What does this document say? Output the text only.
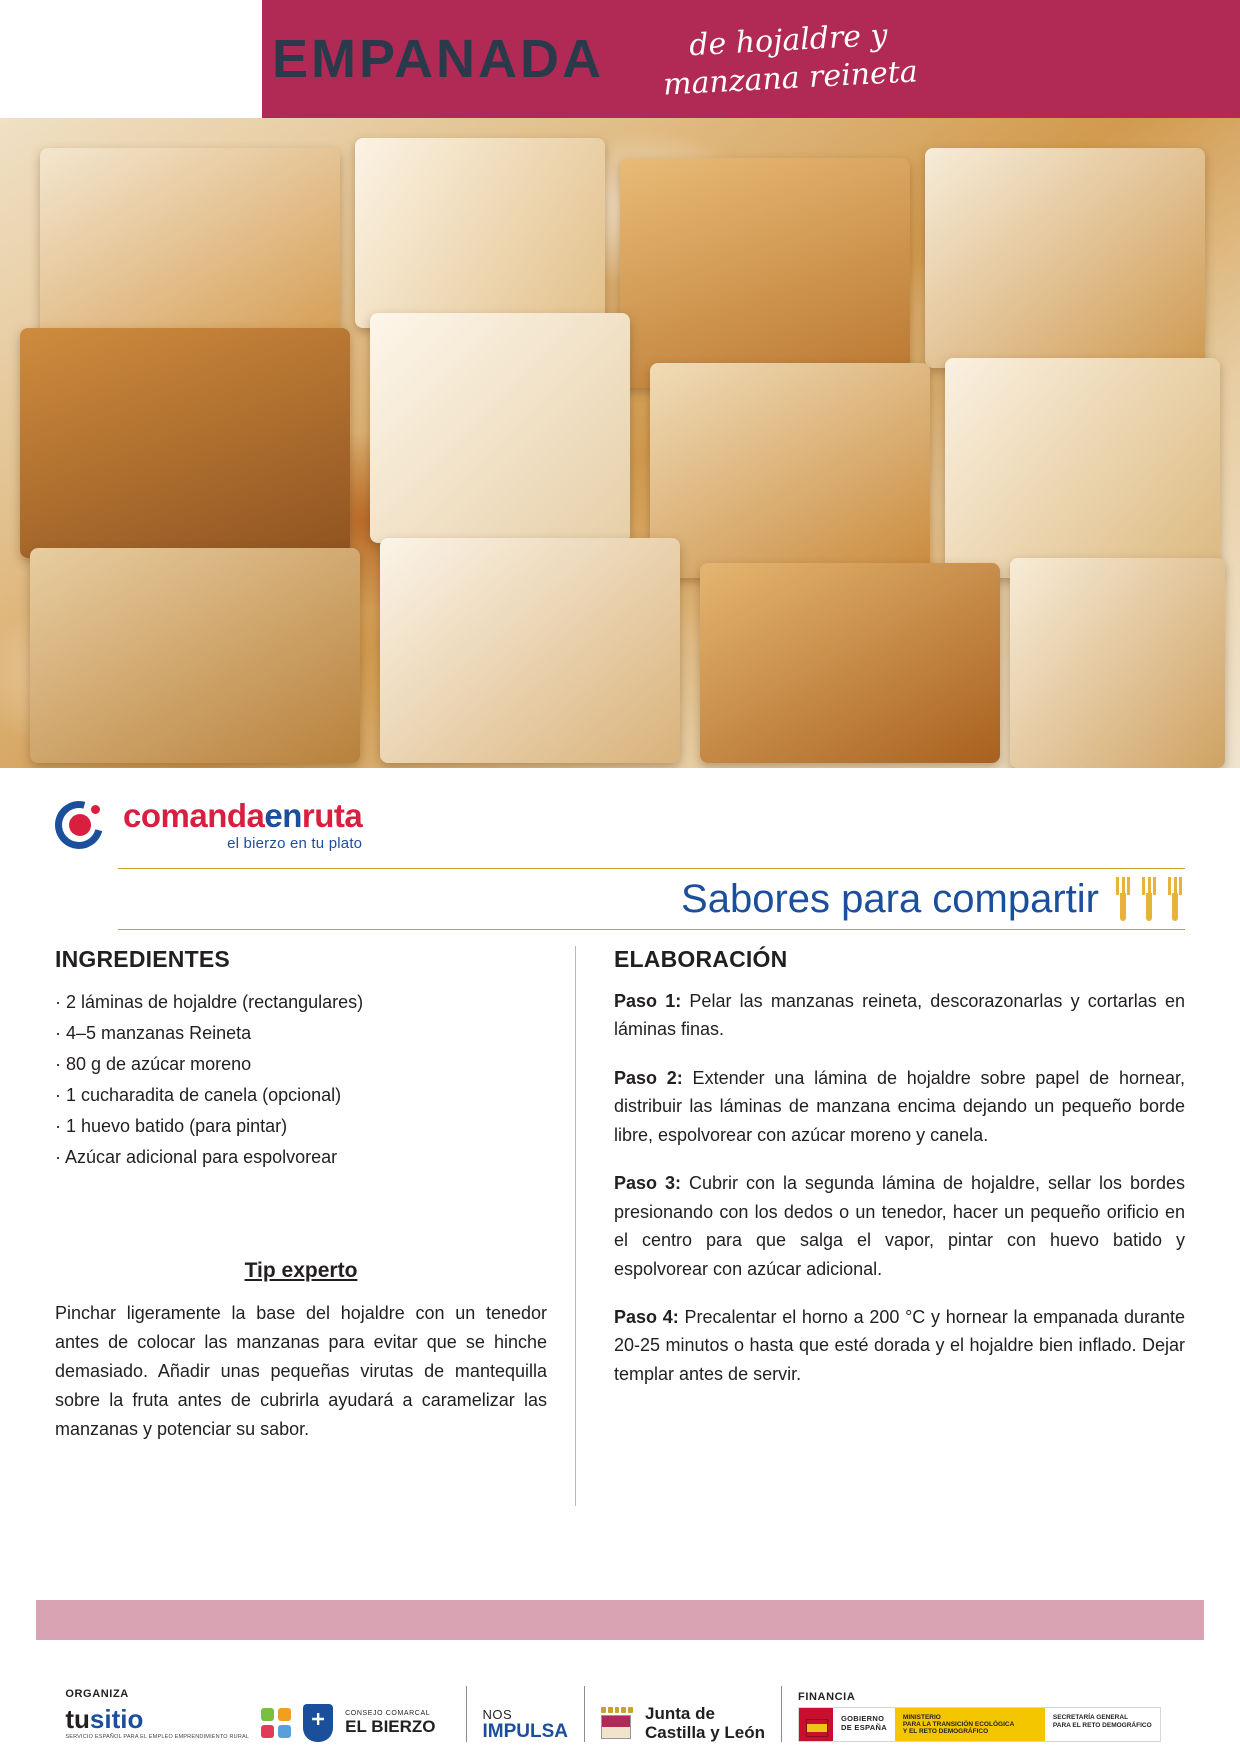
EMPANADA	de hojaldre y
manzana reineta
comandaenruta
el bierzo en tu plato
Sabores para compartir
INGREDIENTES
· 2 láminas de hojaldre (rectangulares)
· 4–5 manzanas Reineta
· 80 g de azúcar moreno
· 1 cucharadita de canela (opcional)
· 1 huevo batido (para pintar)
· Azúcar adicional para espolvorear
Tip experto
Pinchar ligeramente la base del hojaldre con un tenedor antes de colocar las manzanas para evitar que se hinche demasiado. Añadir unas pequeñas virutas de mantequilla sobre la fruta antes de cubrirla ayudará a caramelizar las manzanas y potenciar su sabor.
ELABORACIÓN

Paso 1: Pelar las manzanas reineta, descorazonarlas y cortarlas en láminas finas.

Paso 2: Extender una lámina de hojaldre sobre papel de hornear, distribuir las láminas de manzana encima dejando un pequeño borde libre, espolvorear con azúcar moreno y canela.

Paso 3: Cubrir con la segunda lámina de hojaldre, sellar los bordes presionando con los dedos o un tenedor, hacer un pequeño orificio en el centro para que salga el vapor, pintar con huevo batido y espolvorear con azúcar adicional.

Paso 4: Precalentar el horno a 200 °C y hornear la empanada durante 20-25 minutos o hasta que esté dorada y el hojaldre bien inflado. Dejar templar antes de servir.

ORGANIZA
tusitio
SERVICIO ESPAÑOL PARA EL EMPLEO EMPRENDIMIENTO RURAL
CONSEJO COMARCAL
EL BIERZO
NOS
IMPULSA
Junta de
Castilla y León
FINANCIA
GOBIERNO
DE ESPAÑA
MINISTERIO
PARA LA TRANSICIÓN ECOLÓGICA
Y EL RETO DEMOGRÁFICO
SECRETARÍA GENERAL
PARA EL RETO DEMOGRÁFICO
